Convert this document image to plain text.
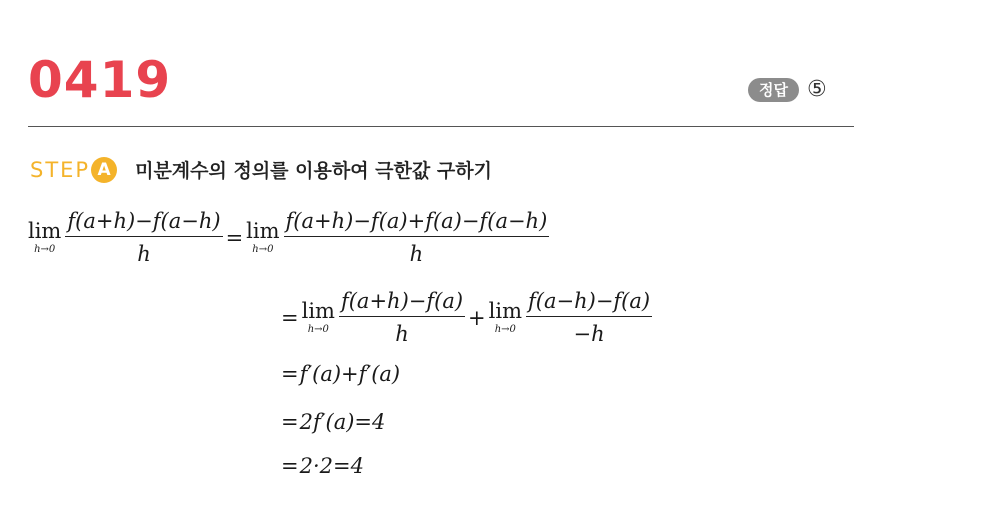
0419	정답 ⑤
STEP A	미분계수의 정의를 이용하여 극한값 구하기
lim
$h\to 0 \frac{f(a+h)-f(a-h)}{h} = \lim$
$h\to 0 \frac{f(a+h)-f(a)+f(a)-f(a-h)}{h}$
= lim
$h\to 0 \frac{f(a+h)-f(a)}{h} + \lim$
$h\to 0 \frac{f(a-h)-f(a)}{-h}$
= f′(a)+f′(a)
= 2f′(a)=4
= 2·2=4
